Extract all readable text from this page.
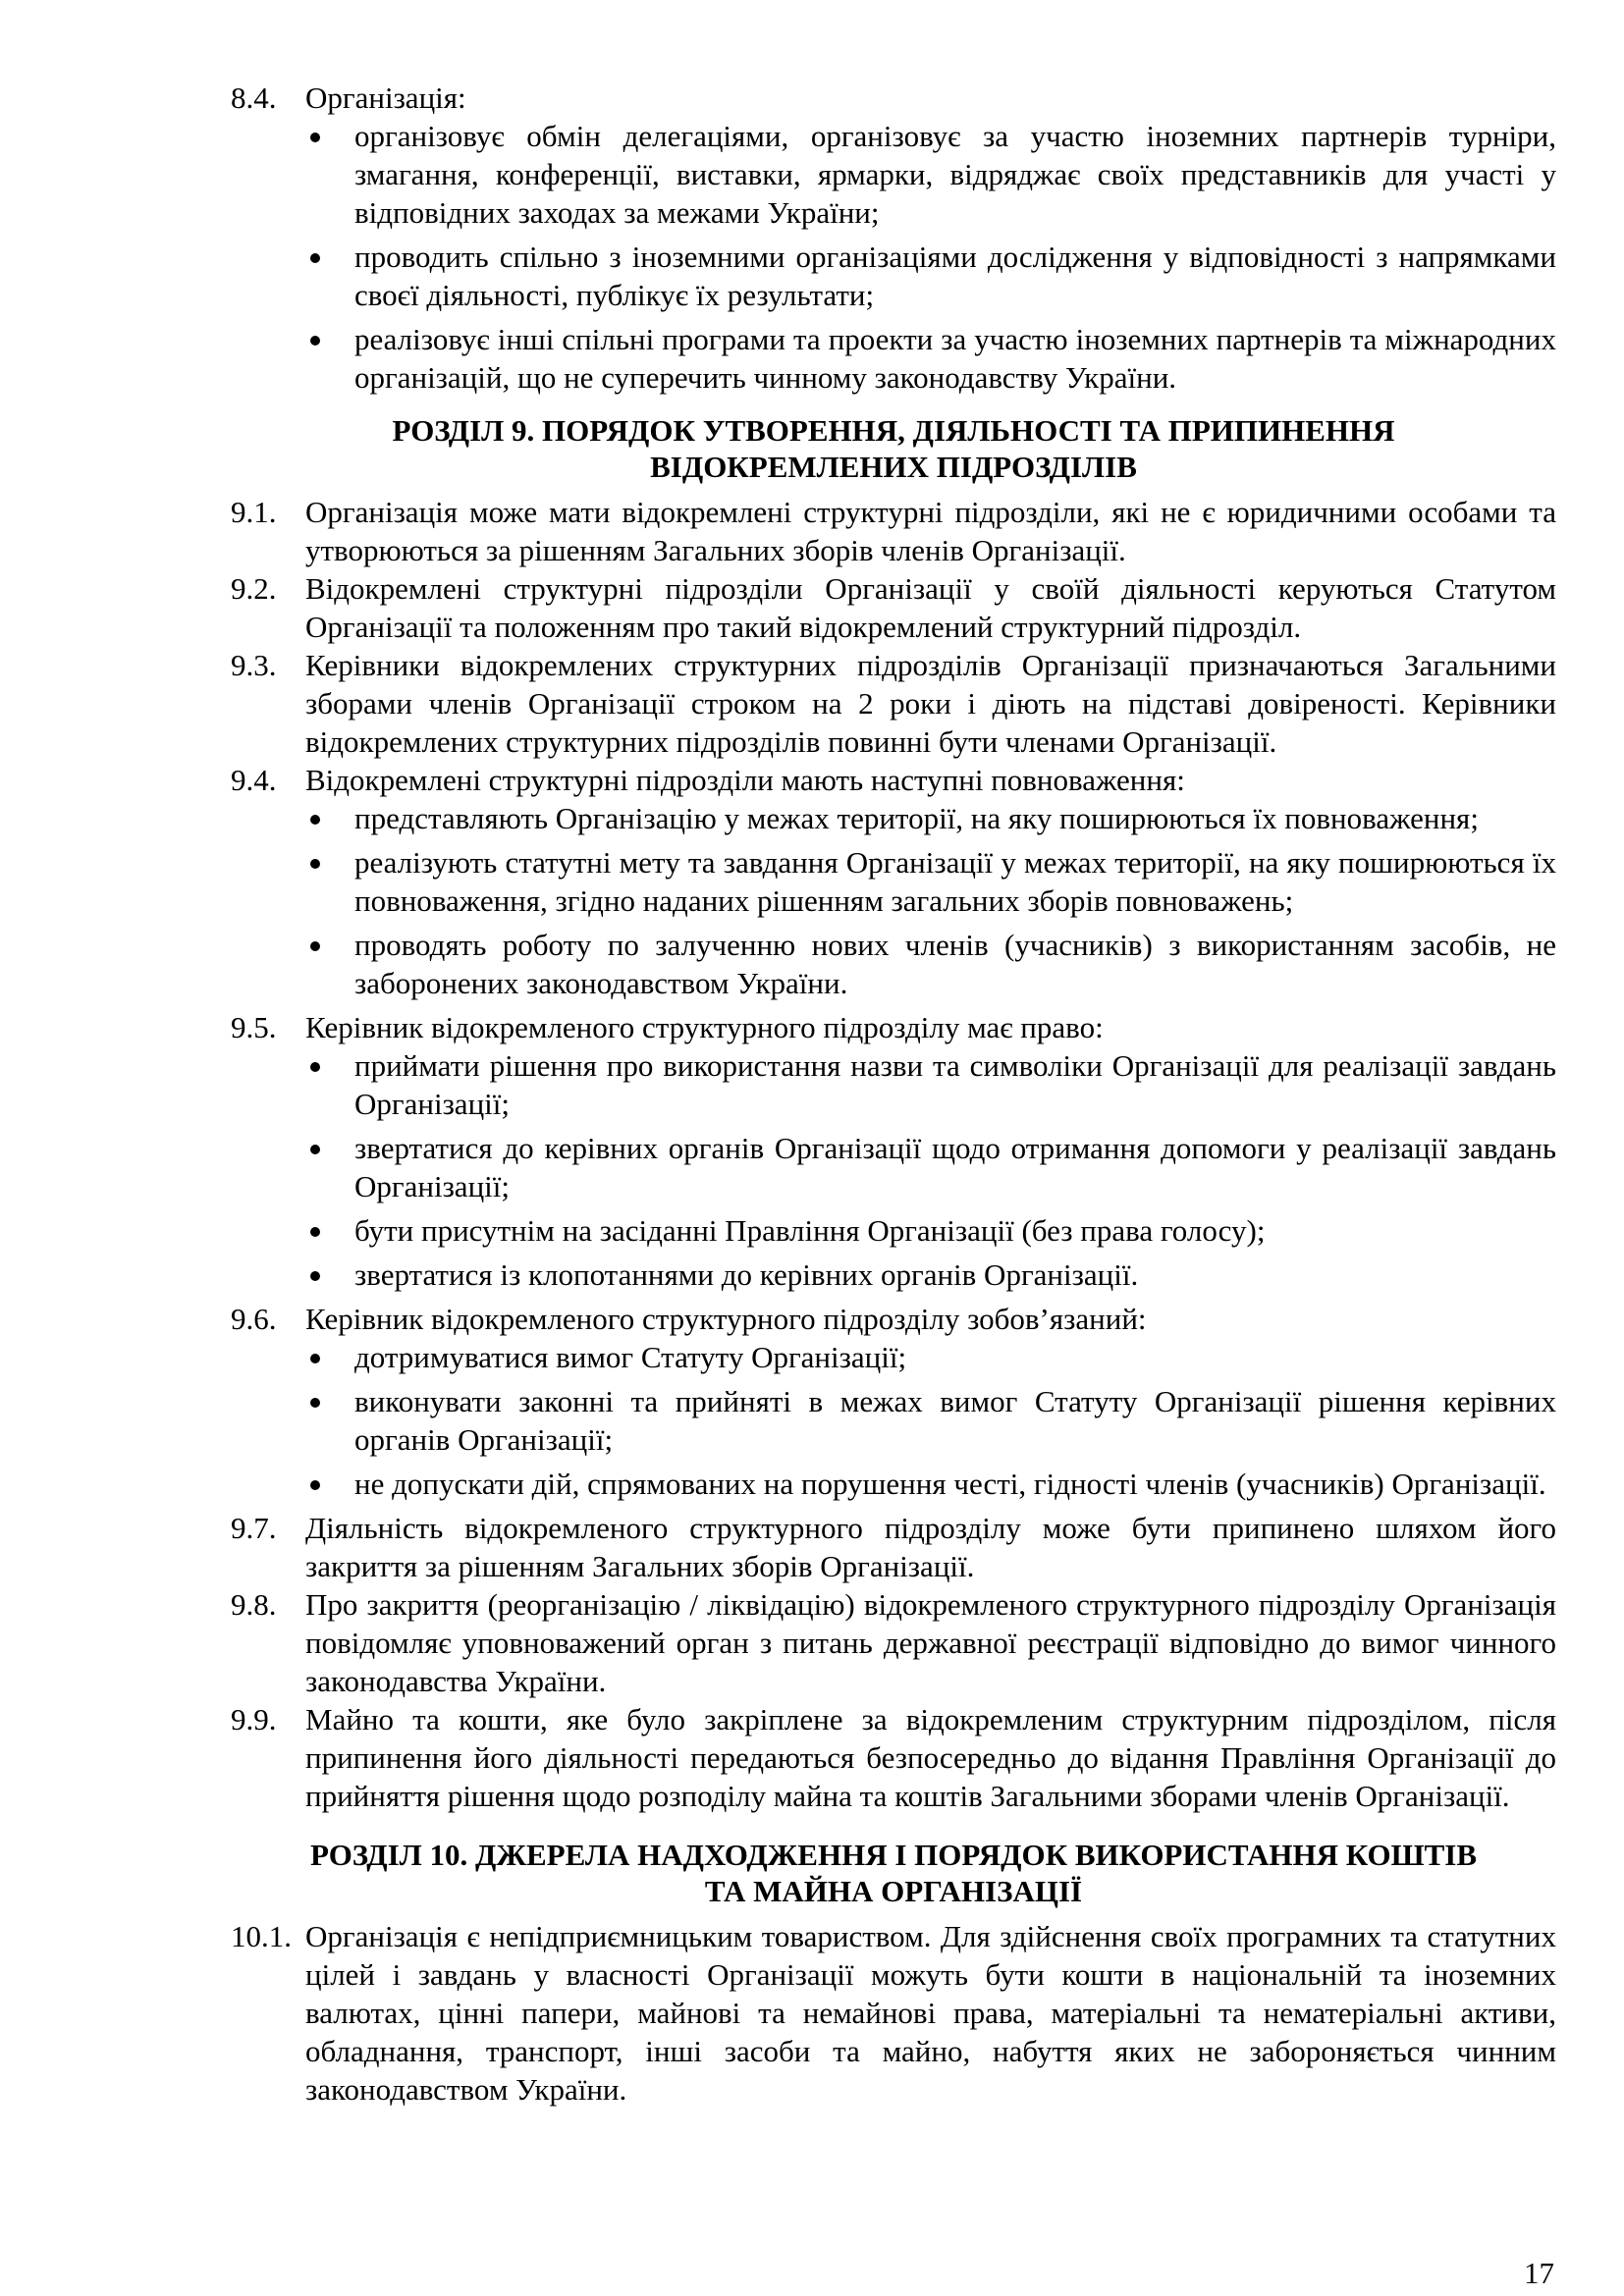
8.4. Організація:
організовує обмін делегаціями, організовує за участю іноземних партнерів турніри, змагання, конференції, виставки, ярмарки, відряджає своїх представників для участі у відповідних заходах за межами України;
проводить спільно з іноземними організаціями дослідження у відповідності з напрямками своєї діяльності, публікує їх результати;
реалізовує інші спільні програми та проекти за участю іноземних партнерів та міжнародних організацій, що не суперечить чинному законодавству України.
РОЗДІЛ 9. ПОРЯДОК УТВОРЕННЯ, ДІЯЛЬНОСТІ ТА ПРИПИНЕННЯ
ВІДОКРЕМЛЕНИХ ПІДРОЗДІЛІВ
9.1. Організація може мати відокремлені структурні підрозділи, які не є юридичними особами та утворюються за рішенням Загальних зборів членів Організації.
9.2. Відокремлені структурні підрозділи Організації у своїй діяльності керуються Статутом Організації та положенням про такий відокремлений структурний підрозділ.
9.3. Керівники відокремлених структурних підрозділів Організації призначаються Загальними зборами членів Організації строком на 2 роки і діють на підставі довіреності. Керівники відокремлених структурних підрозділів повинні бути членами Організації.
9.4. Відокремлені структурні підрозділи мають наступні повноваження:
представляють Організацію у межах території, на яку поширюються їх повноваження;
реалізують статутні мету та завдання Організації у межах території, на яку поширюються їх повноваження, згідно наданих рішенням загальних зборів повноважень;
проводять роботу по залученню нових членів (учасників) з використанням засобів, не заборонених законодавством України.
9.5. Керівник відокремленого структурного підрозділу має право:
приймати рішення про використання назви та символіки Організації для реалізації завдань Організації;
звертатися до керівних органів Організації щодо отримання допомоги у реалізації завдань Організації;
бути присутнім на засіданні Правління Організації (без права голосу);
звертатися із клопотаннями до керівних органів Організації.
9.6. Керівник відокремленого структурного підрозділу зобов’язаний:
дотримуватися вимог Статуту Організації;
виконувати законні та прийняті в межах вимог Статуту Організації рішення керівних органів Організації;
не допускати дій, спрямованих на порушення честі, гідності членів (учасників) Організації.
9.7. Діяльність відокремленого структурного підрозділу може бути припинено шляхом його закриття за рішенням Загальних зборів Організації.
9.8. Про закриття (реорганізацію / ліквідацію) відокремленого структурного підрозділу Організація повідомляє уповноважений орган з питань державної реєстрації відповідно до вимог чинного законодавства України.
9.9. Майно та кошти, яке було закріплене за відокремленим структурним підрозділом, після припинення його діяльності передаються безпосередньо до відання Правління Організації до прийняття рішення щодо розподілу майна та коштів Загальними зборами членів Організації.
РОЗДІЛ 10. ДЖЕРЕЛА НАДХОДЖЕННЯ І ПОРЯДОК ВИКОРИСТАННЯ КОШТІВ
ТА МАЙНА ОРГАНІЗАЦІЇ
10.1. Організація є непідприємницьким товариством. Для здійснення своїх програмних та статутних цілей і завдань у власності Організації можуть бути кошти в національній та іноземних валютах, цінні папери, майнові та немайнові права, матеріальні та нематеріальні активи, обладнання, транспорт, інші засоби та майно, набуття яких не забороняється чинним законодавством України.
17
